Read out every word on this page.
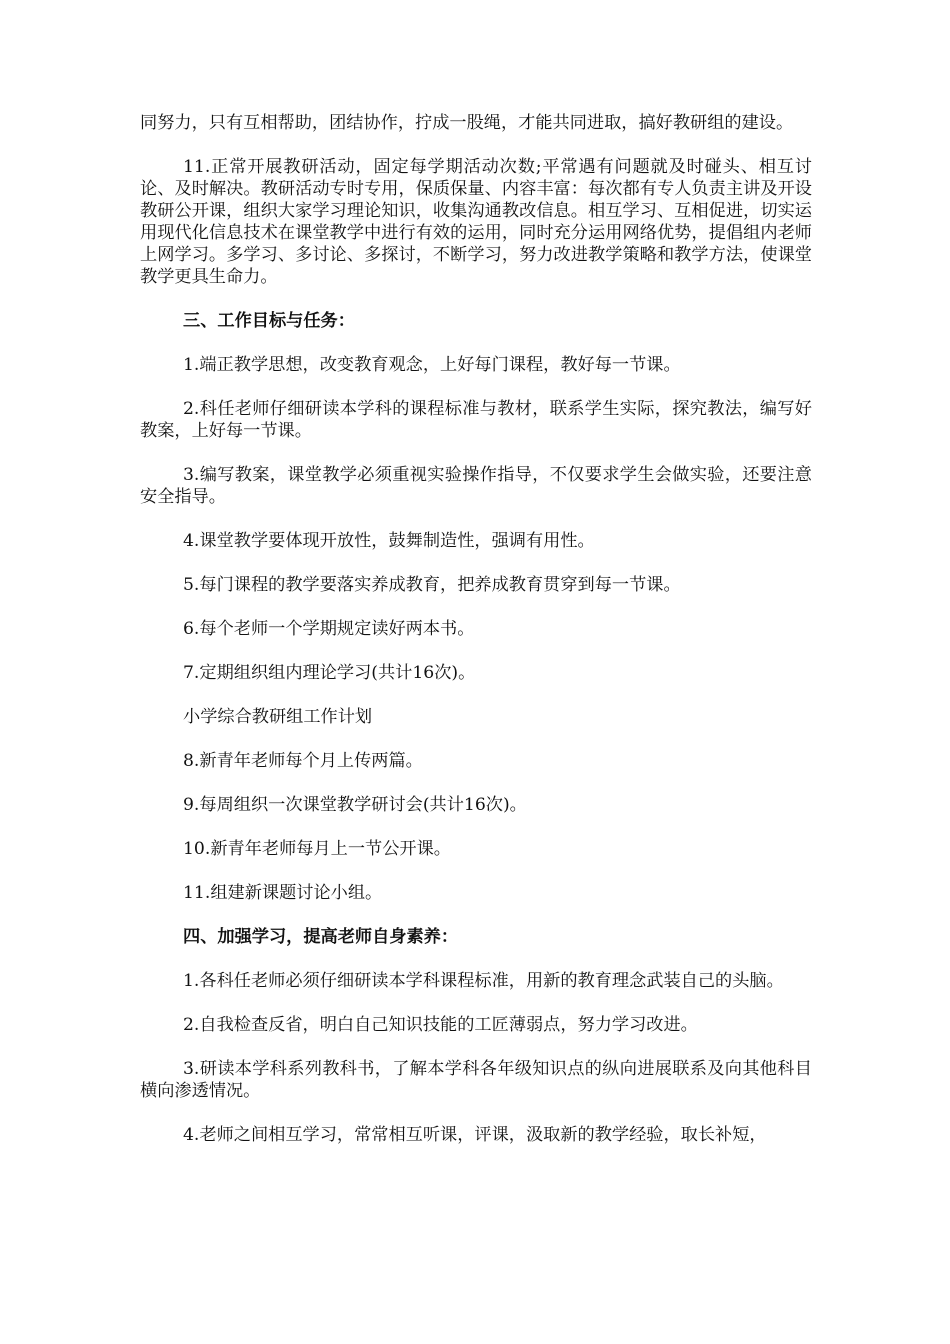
同努力，只有互相帮助，团结协作，拧成一股绳，才能共同进取，搞好教研组的建设。

11.正常开展教研活动，固定每学期活动次数;平常遇有问题就及时碰头、相互讨论、及时解决。教研活动专时专用，保质保量、内容丰富：每次都有专人负责主讲及开设教研公开课，组织大家学习理论知识，收集沟通教改信息。相互学习、互相促进，切实运用现代化信息技术在课堂教学中进行有效的运用，同时充分运用网络优势，提倡组内老师上网学习。多学习、多讨论、多探讨，不断学习，努力改进教学策略和教学方法，使课堂教学更具生命力。

三、工作目标与任务：

1.端正教学思想，改变教育观念，上好每门课程，教好每一节课。

2.科任老师仔细研读本学科的课程标准与教材，联系学生实际，探究教法，编写好教案，上好每一节课。

3.编写教案，课堂教学必须重视实验操作指导，不仅要求学生会做实验，还要注意安全指导。

4.课堂教学要体现开放性，鼓舞制造性，强调有用性。

5.每门课程的教学要落实养成教育，把养成教育贯穿到每一节课。

6.每个老师一个学期规定读好两本书。

7.定期组织组内理论学习(共计16次)。

小学综合教研组工作计划

8.新青年老师每个月上传两篇。

9.每周组织一次课堂教学研讨会(共计16次)。

10.新青年老师每月上一节公开课。

11.组建新课题讨论小组。

四、加强学习，提高老师自身素养：

1.各科任老师必须仔细研读本学科课程标准，用新的教育理念武装自己的头脑。

2.自我检查反省，明白自己知识技能的工匠薄弱点，努力学习改进。

3.研读本学科系列教科书，了解本学科各年级知识点的纵向进展联系及向其他科目横向渗透情况。

4.老师之间相互学习，常常相互听课，评课，汲取新的教学经验，取长补短，
